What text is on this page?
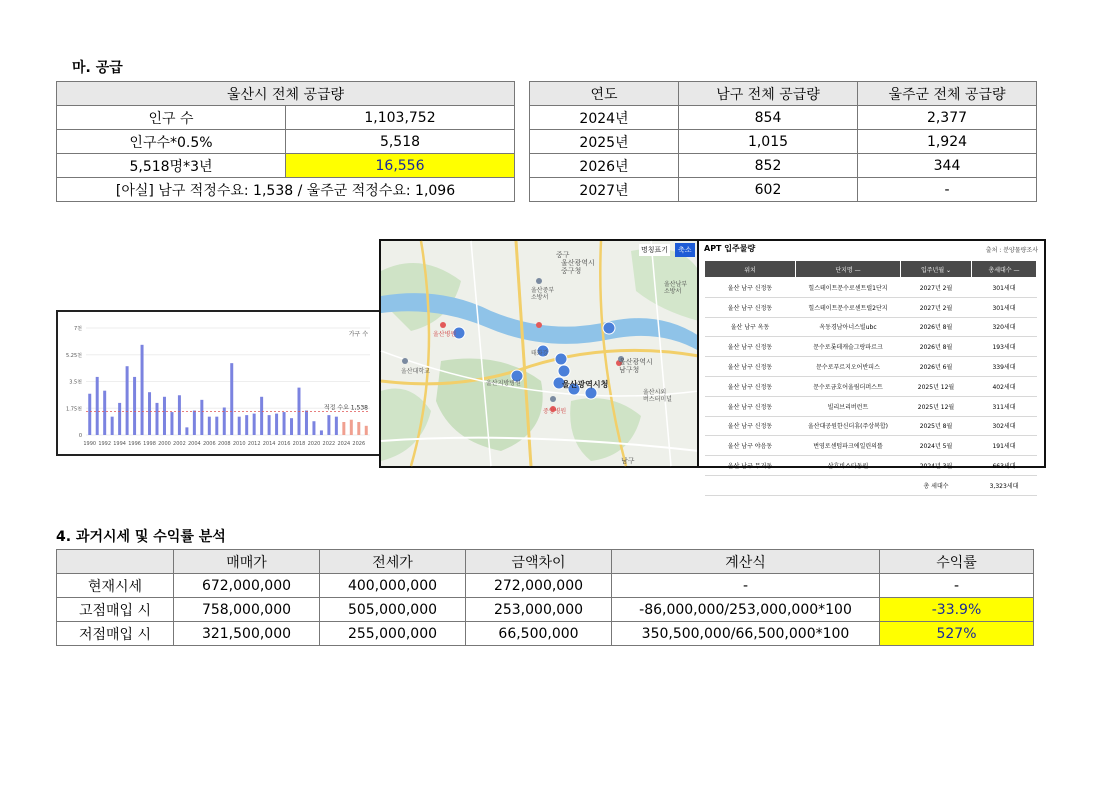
마. 공급
울산시 전체 공급량	
인구 수	1,103,752
인구수*0.5%	5,518
5,518명*3년	16,556
[아실] 남구 적정수요: 1,538 / 울주군 적정수요: 1,096	
연도	남구 전체 공급량	울주군 전체 공급량
2024년	854	2,377
2025년	1,015	1,924
2026년	852	344
2027년	602	-
0
1.75천
3.5천
5.25천
7천
적정 수요 1,538
가구 수
1990 1992 1994 1996 1998 2000 2002 2004 2006 2008 2010 2012 2014 2016 2018 2020 2022 2024 2026
명칭표기	축소
중구
울산광역시
중구청
울산중부
소방서
태화강
울산대학교
울산광역시청
울산광역시
남구청
울산병원
울산지방병원
울산남부
소방서
울산시외
버스터미널
중앙병원
남구
APT 입주물량	출처 : 분양물량조사
위치	단지명 —	입주년월 ⌄	총세대수 —
울산 남구 신정동	힐스테이트문수로센트럴1단지	2027년 2월	301세대
울산 남구 신정동	힐스테이트문수로센트럴2단지	2027년 2월	301세대
울산 남구 옥동	옥동경남아너스빌ubc	2026년 8월	320세대
울산 남구 신정동	문수로롯데캐슬그랑파르크	2026년 8월	193세대
울산 남구 신정동	문수로푸르지오어반피스	2026년 6월	339세대
울산 남구 신정동	문수로금호어울림더퍼스트	2025년 12월	402세대
울산 남구 신정동	빌리브리버런트	2025년 12월	311세대
울산 남구 신정동	울산대공원한신더휴(주상복합)	2025년 8월	302세대
울산 남구 야음동	번영로센텀파크에일린의뜰	2024년 5월	191세대
울산 남구 무거동	삼호비스타동원	2024년 3월	663세대
		총 세대수	3,323세대
4. 과거시세 및 수익률 분석
	매매가	전세가	금액차이	계산식	수익률
현재시세	672,000,000	400,000,000	272,000,000	-	-
고점매입 시	758,000,000	505,000,000	253,000,000	-86,000,000/253,000,000*100	-33.9%
저점매입 시	321,500,000	255,000,000	66,500,000	350,500,000/66,500,000*100	527%
